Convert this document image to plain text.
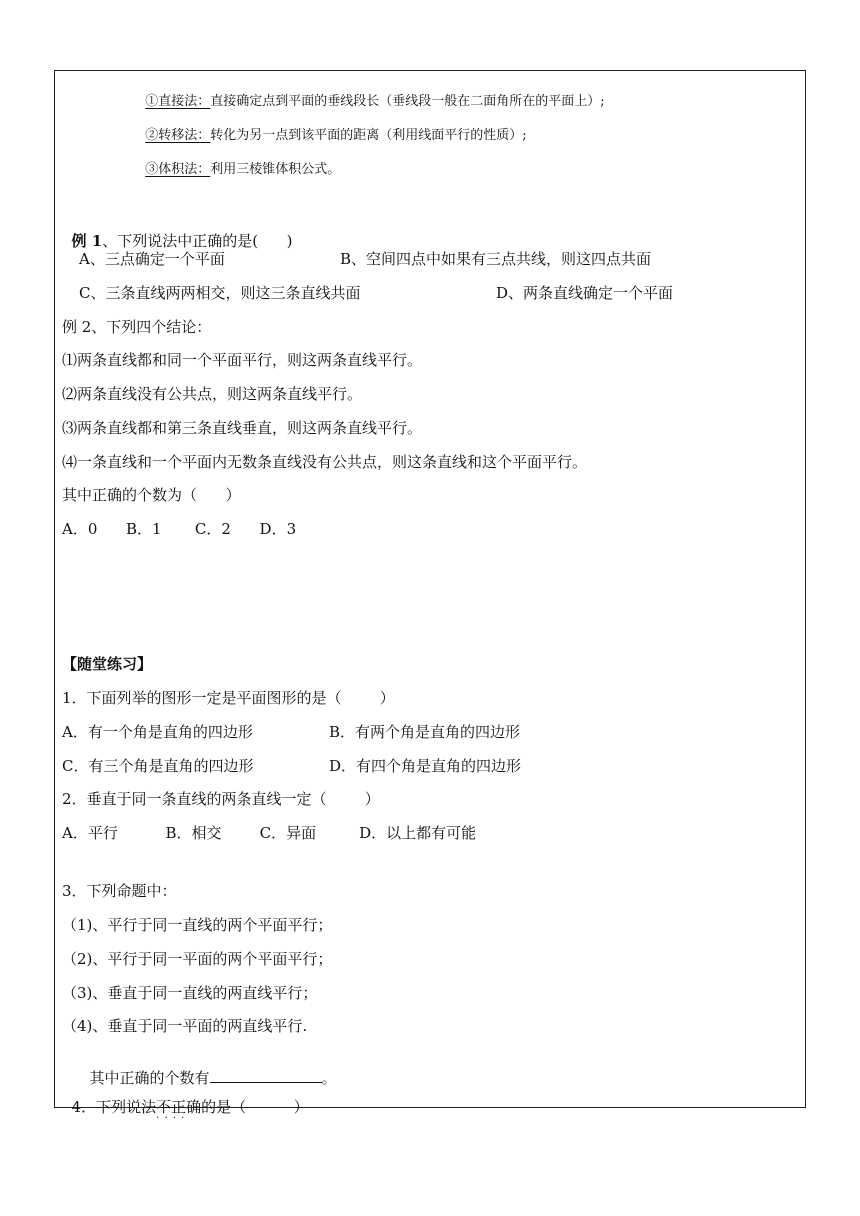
①直接法：直接确定点到平面的垂线段长（垂线段一般在二面角所在的平面上）;

②转移法：转化为另一点到该平面的距离（利用线面平行的性质）;

③体积法：利用三棱锥体积公式。

例 1、下列说法中正确的是(      )

A、三点确定一个平面	B、空间四点中如果有三点共线，则这四点共面
C、三条直线两两相交，则这三条直线共面	D、两条直线确定一个平面
例 2、下列四个结论：
⑴两条直线都和同一个平面平行，则这两条直线平行。
⑵两条直线没有公共点，则这两条直线平行。
⑶两条直线都和第三条直线垂直，则这两条直线平行。
⑷一条直线和一个平面内无数条直线没有公共点，则这条直线和这个平面平行。
其中正确的个数为（      ）
A．0      B．1       C．2      D．3
【随堂练习】
1．下面列举的图形一定是平面图形的是（        ）
A．有一个角是直角的四边形	B．有两个角是直角的四边形
C．有三个角是直角的四边形	D．有四个角是直角的四边形
2．垂直于同一条直线的两条直线一定（        ）
A．平行          B．相交        C．异面         D．以上都有可能
3．下列命题中：
（1)、平行于同一直线的两个平面平行；
（2)、平行于同一平面的两个平面平行；
（3)、垂直于同一直线的两直线平行；
（4)、垂直于同一平面的两直线平行.

其中正确的个数有	。

4．下列说法不正确 · · · ·的是（          ）
